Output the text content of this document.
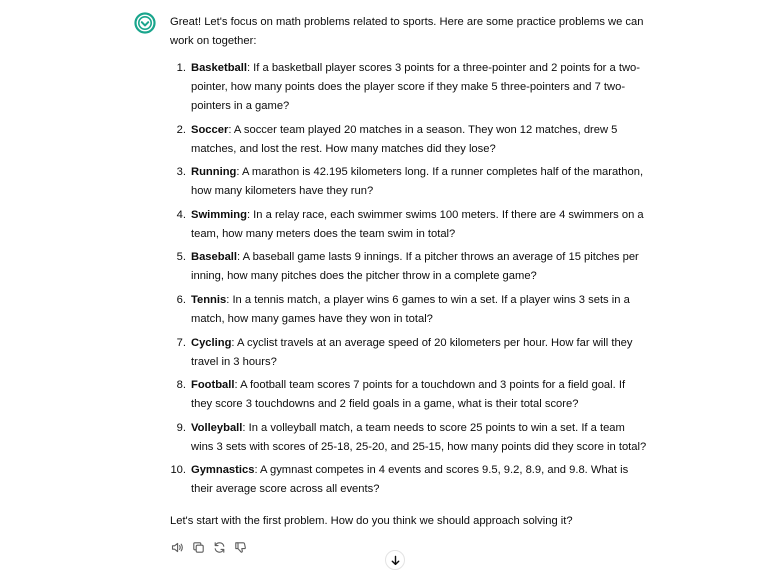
Great! Let's focus on math problems related to sports. Here are some practice problems we can work on together:

1. Basketball: If a basketball player scores 3 points for a three-pointer and 2 points for a two-pointer, how many points does the player score if they make 5 three-pointers and 7 two-pointers in a game?
2. Soccer: A soccer team played 20 matches in a season. They won 12 matches, drew 5 matches, and lost the rest. How many matches did they lose?
3. Running: A marathon is 42.195 kilometers long. If a runner completes half of the marathon, how many kilometers have they run?
4. Swimming: In a relay race, each swimmer swims 100 meters. If there are 4 swimmers on a team, how many meters does the team swim in total?
5. Baseball: A baseball game lasts 9 innings. If a pitcher throws an average of 15 pitches per inning, how many pitches does the pitcher throw in a complete game?
6. Tennis: In a tennis match, a player wins 6 games to win a set. If a player wins 3 sets in a match, how many games have they won in total?
7. Cycling: A cyclist travels at an average speed of 20 kilometers per hour. How far will they travel in 3 hours?
8. Football: A football team scores 7 points for a touchdown and 3 points for a field goal. If they score 3 touchdowns and 2 field goals in a game, what is their total score?
9. Volleyball: In a volleyball match, a team needs to score 25 points to win a set. If a team wins 3 sets with scores of 25-18, 25-20, and 25-15, how many points did they score in total?
10. Gymnastics: A gymnast competes in 4 events and scores 9.5, 9.2, 8.9, and 9.8. What is their average score across all events?

Let's start with the first problem. How do you think we should approach solving it?
